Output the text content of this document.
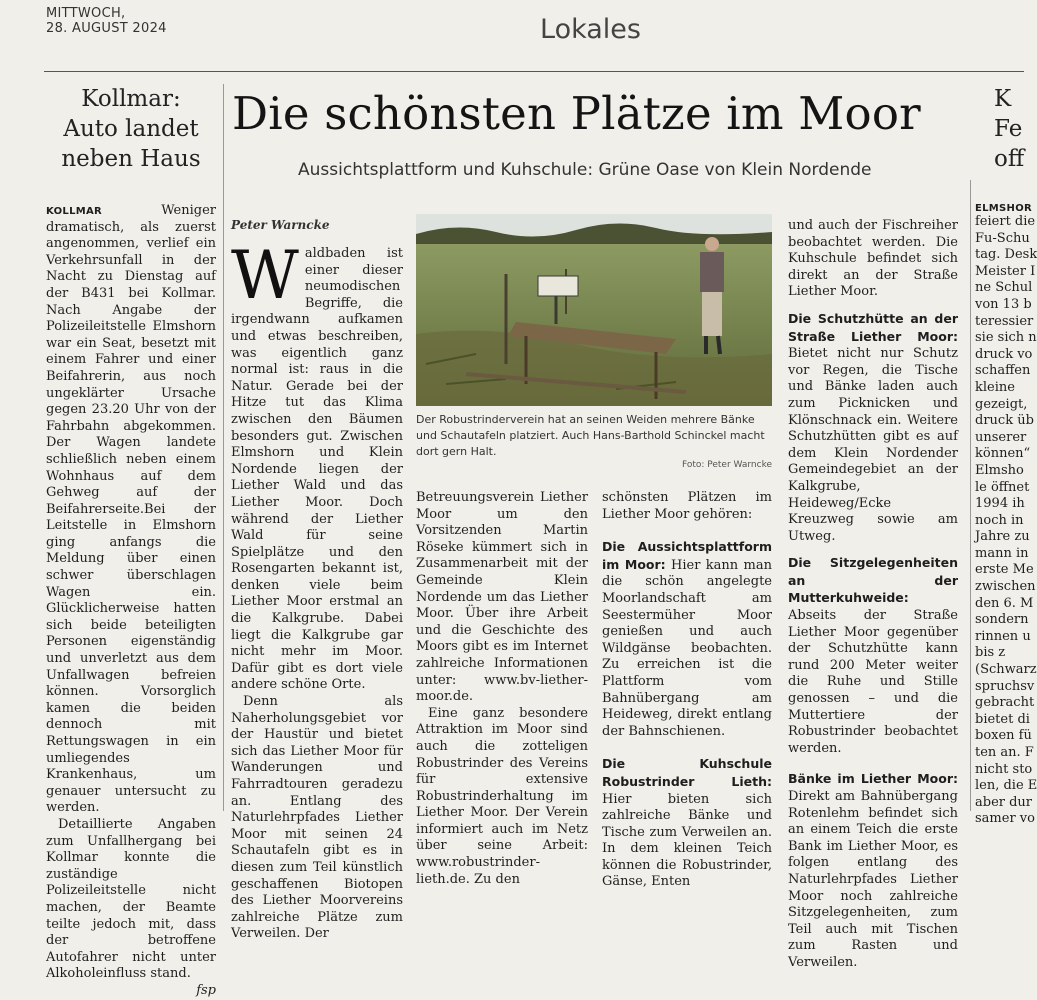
MITTWOCH,
28. AUGUST 2024	Lokales
Kollmar:
Auto landet
neben Haus

KOLLMAR	Weniger dramatisch, als zuerst angenommen, verlief ein Verkehrsunfall in der Nacht zu Dienstag auf der B431 bei Kollmar. Nach Angabe der Polizeileitstelle Elmshorn war ein Seat, besetzt mit einem Fahrer und einer Beifahrerin, aus noch ungeklärter Ursache gegen 23.20 Uhr von der Fahrbahn abgekommen. Der Wagen landete schließlich neben einem Wohnhaus auf dem Gehweg auf der Beifahrerseite.Bei der Leitstelle in Elmshorn ging anfangs die Meldung über einen schwer überschlagen Wagen ein. Glücklicherweise hatten sich beide beteiligten Personen eigenständig und unverletzt aus dem Unfallwagen befreien können. Vorsorglich kamen die beiden dennoch mit Rettungswagen in ein umliegendes Krankenhaus, um genauer untersucht zu werden.

Detaillierte Angaben zum Unfallhergang bei Kollmar konnte die zuständige Polizeileitstelle nicht machen, der Beamte teilte jedoch mit, dass der betroffene Autofahrer nicht unter Alkoholeinfluss stand.
fsp

Die schönsten Plätze im Moor
Aussichtsplattform und Kuhschule: Grüne Oase von Klein Nordende
Peter Warncke

Waldbaden ist einer dieser neumodischen Begriffe, die irgendwann aufkamen und etwas beschreiben, was eigentlich ganz normal ist: raus in die Natur. Gerade bei der Hitze tut das Klima zwischen den Bäumen besonders gut. Zwischen Elmshorn und Klein Nordende liegen der Liether Wald und das Liether Moor. Doch während der Liether Wald für seine Spielplätze und den Rosengarten bekannt ist, denken viele beim Liether Moor erstmal an die Kalkgrube. Dabei liegt die Kalkgrube gar nicht mehr im Moor. Dafür gibt es dort viele andere schöne Orte.

Denn als Naherholungsgebiet vor der Haustür und bietet sich das Liether Moor für Wanderungen und Fahrradtouren geradezu an. Entlang des Naturlehrpfades Liether Moor mit seinen 24 Schautafeln gibt es in diesen zum Teil künstlich geschaffenen Biotopen des Liether Moorvereins zahlreiche Plätze zum Verweilen. Der

Der Robustrinderverein hat an seinen Weiden mehrere Bänke und Schautafeln platziert. Auch Hans-Barthold Schinckel macht dort gern Halt.
Foto: Peter Warncke

Betreuungsverein Liether Moor um den Vorsitzenden Martin Röseke kümmert sich in Zusammenarbeit mit der Gemeinde Klein Nordende um das Liether Moor. Über ihre Arbeit und die Geschichte des Moors gibt es im Internet zahlreiche Informationen unter: www.bv-liether-moor.de.

Eine ganz besondere Attraktion im Moor sind auch die zotteligen Robustrinder des Vereins für extensive Robustrinderhaltung im Liether Moor. Der Verein informiert auch im Netz über seine Arbeit: www.robustrinder-lieth.de. Zu den

schönsten Plätzen im Liether Moor gehören:

Die Aussichtsplattform im Moor: Hier kann man die schön angelegte Moorlandschaft am Seestermüher Moor genießen und auch Wildgänse beobachten. Zu erreichen ist die Plattform vom Bahnübergang am Heideweg, direkt entlang der Bahnschienen.

Die Kuhschule Robustrinder Lieth: Hier bieten sich zahlreiche Bänke und Tische zum Verweilen an. In dem kleinen Teich können die Robustrinder, Gänse, Enten

und auch der Fischreiher beobachtet werden. Die Kuhschule befindet sich direkt an der Straße Liether Moor.

Die Schutzhütte an der Straße Liether Moor: Bietet nicht nur Schutz vor Regen, die Tische und Bänke laden auch zum Picknicken und Klönschnack ein. Weitere Schutzhütten gibt es auf dem Klein Nordender Gemeindegebiet an der Kalkgrube, Heideweg/Ecke Kreuzweg sowie am Utweg.

Die Sitzgelegenheiten an der Mutterkuhweide: Abseits der Straße Liether Moor gegenüber der Schutzhütte kann rund 200 Meter weiter die Ruhe und Stille genossen – und die Muttertiere der Robustrinder beobachtet werden.

Bänke im Liether Moor: Direkt am Bahnübergang Rotenlehm befindet sich an einem Teich die erste Bank im Liether Moor, es folgen entlang des Naturlehrpfades Liether Moor noch zahlreiche Sitzgelegenheiten, zum Teil auch mit Tischen zum Rasten und Verweilen.

K
Fe
off
ELMSHOR
feiert die
Fu-Schu
tag. Desk
Meister I
ne Schul
von 13 b
teressier
sie sich n
druck vo
schaffen
kleine
gezeigt,
druck üb
unserer
können“
Elmsho
le öffnet
1994 ih
noch in
Jahre zu
mann in
erste Me
zwischen
den 6. M
sondern
rinnen u
bis z
(Schwarz
spruchsv
gebracht
bietet di
boxen fü
ten an. F
nicht sto
len, die E
aber dur
samer vo
